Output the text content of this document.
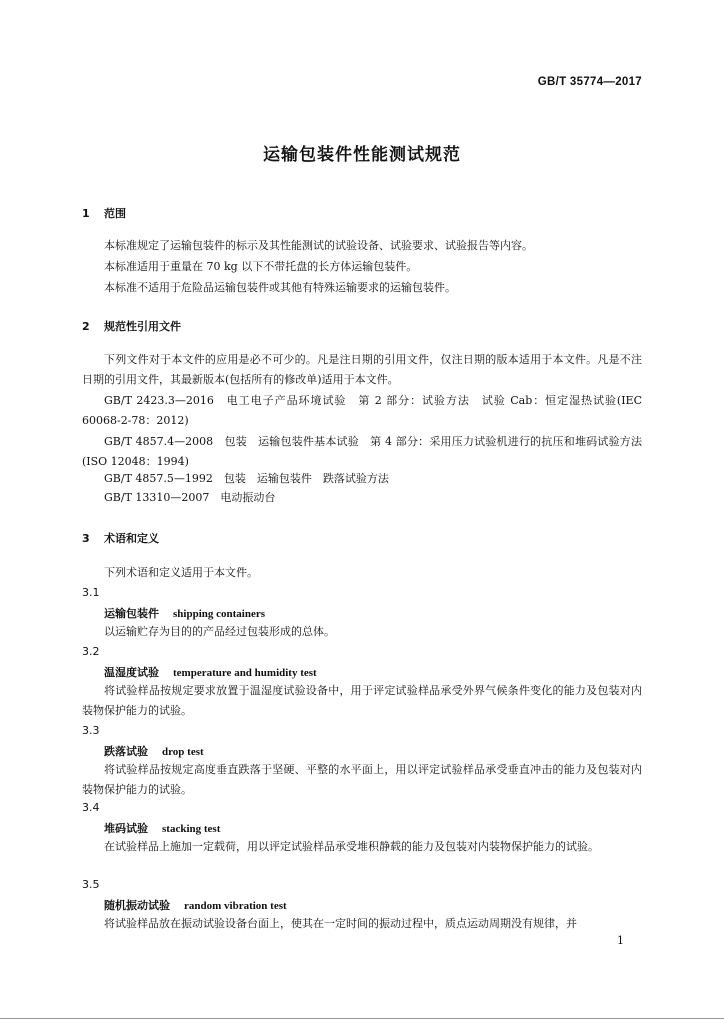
GB/T 35774—2017
运输包装件性能测试规范
1 范围
本标准规定了运输包装件的标示及其性能测试的试验设备、试验要求、试验报告等内容。
本标准适用于重量在 70 kg 以下不带托盘的长方体运输包装件。
本标准不适用于危险品运输包装件或其他有特殊运输要求的运输包装件。
2 规范性引用文件
下列文件对于本文件的应用是必不可少的。凡是注日期的引用文件，仅注日期的版本适用于本文件。凡是不注日期的引用文件，其最新版本(包括所有的修改单)适用于本文件。
GB/T 2423.3—2016　电工电子产品环境试验　第 2 部分：试验方法　试验 Cab：恒定湿热试验(IEC 60068-2-78：2012)
GB/T 4857.4—2008　包装　运输包装件基本试验　第 4 部分：采用压力试验机进行的抗压和堆码试验方法(ISO 12048：1994)
GB/T 4857.5—1992　包装　运输包装件　跌落试验方法
GB/T 13310—2007　电动振动台
3 术语和定义
下列术语和定义适用于本文件。
3.1
运输包装件 shipping containers
以运输贮存为目的的产品经过包装形成的总体。
3.2
温湿度试验 temperature and humidity test
将试验样品按规定要求放置于温湿度试验设备中，用于评定试验样品承受外界气候条件变化的能力及包装对内装物保护能力的试验。
3.3
跌落试验 drop test
将试验样品按规定高度垂直跌落于坚硬、平整的水平面上，用以评定试验样品承受垂直冲击的能力及包装对内装物保护能力的试验。
3.4
堆码试验 stacking test
在试验样品上施加一定载荷，用以评定试验样品承受堆积静载的能力及包装对内装物保护能力的试验。
3.5
随机振动试验 random vibration test
将试验样品放在振动试验设备台面上，使其在一定时间的振动过程中，质点运动周期没有规律，并
1
